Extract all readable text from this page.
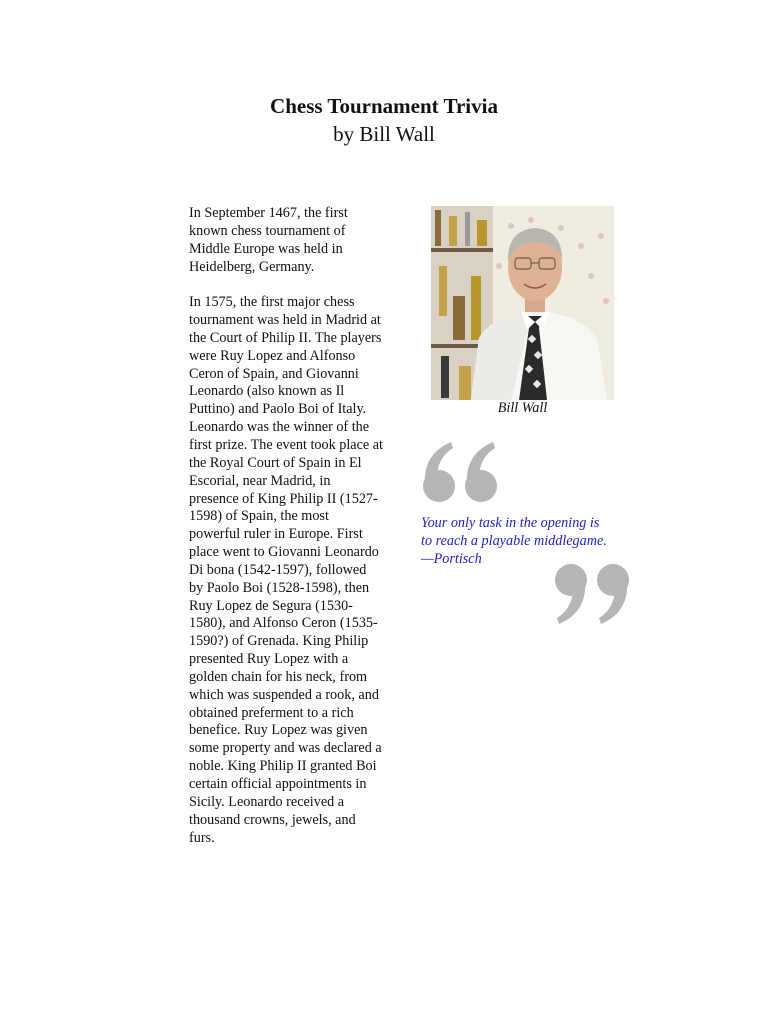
Chess Tournament Trivia
by Bill Wall

In September 1467, the first known chess tournament of Middle Europe was held in Heidelberg, Germany.

In 1575, the first major chess tournament was held in Madrid at the Court of Philip II. The players were Ruy Lopez and Alfonso Ceron of Spain, and Giovanni Leonardo (also known as Il Puttino) and Paolo Boi of Italy. Leonardo was the winner of the first prize. The event took place at the Royal Court of Spain in El Escorial, near Madrid, in presence of King Philip II (1527-1598) of Spain, the most powerful ruler in Europe. First place went to Giovanni Leonardo Di bona (1542-1597), followed by Paolo Boi (1528-1598), then Ruy Lopez de Segura (1530-1580), and Alfonso Ceron (1535-1590?) of Grenada. King Philip presented Ruy Lopez with a golden chain for his neck, from which was suspended a rook, and obtained preferment to a rich benefice. Ruy Lopez was given some property and was declared a noble. King Philip II granted Boi certain official appointments in Sicily. Leonardo received a thousand crowns, jewels, and furs.

Bill Wall
Your only task in the opening is
to reach a playable middlegame.
—Portisch
